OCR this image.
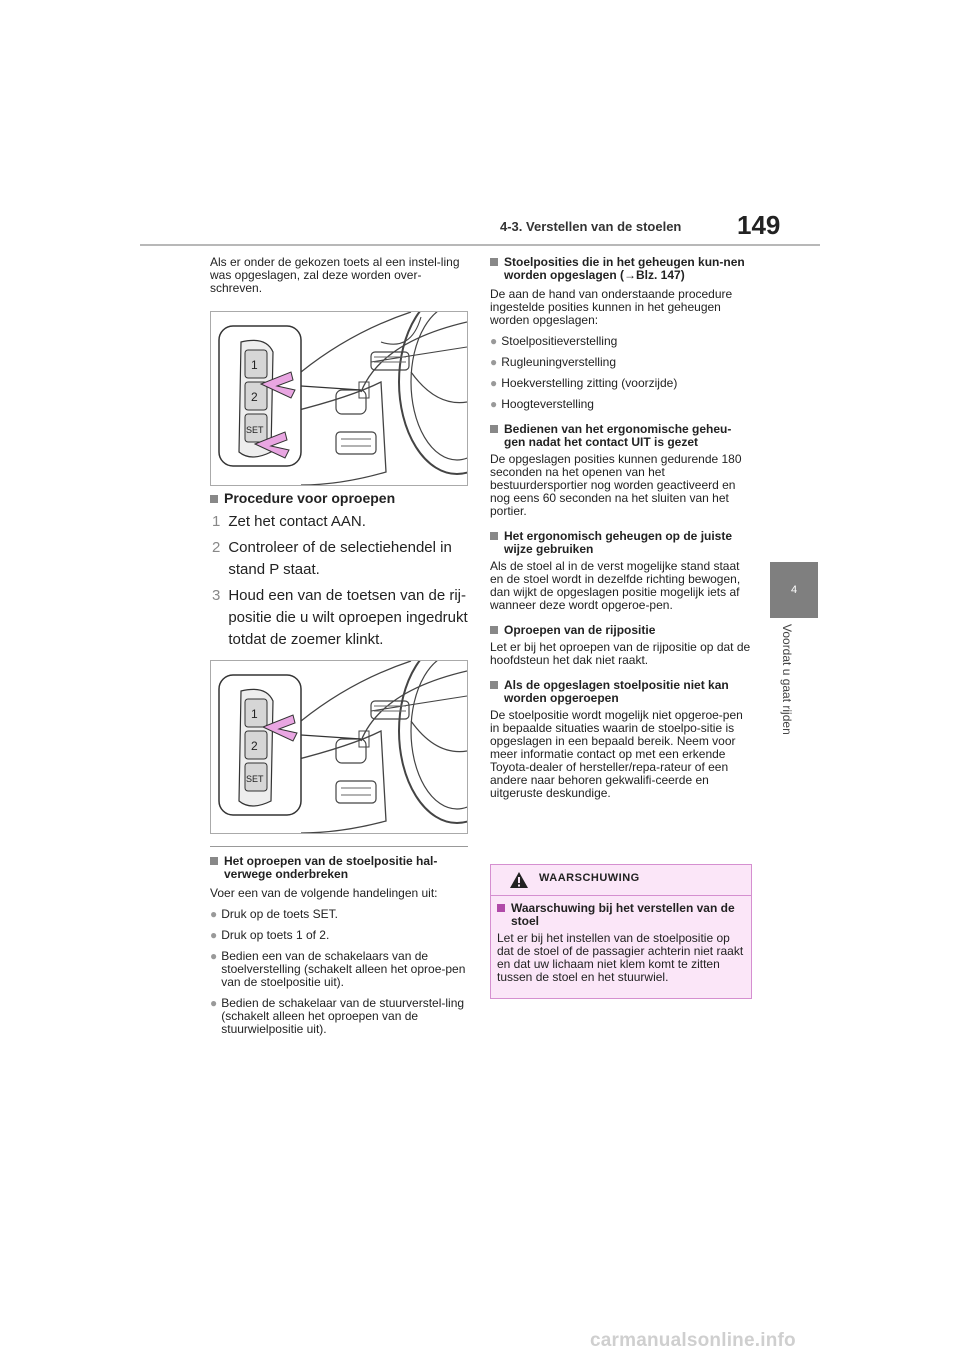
4-3. Verstellen van de stoelen 149
4
Voordat u gaat rijden

Als er onder de gekozen toets al een instel-ling was opgeslagen, zal deze worden over-schreven.

1
2
SET
Procedure voor oproepen
1 Zet het contact AAN.
2 Controleer of de selectiehendel in stand P staat.
3 Houd een van de toetsen van de rij-positie die u wilt oproepen ingedrukt totdat de zoemer klinkt.
1
2
SET

Het oproepen van de stoelpositie hal-verwege onderbreken

Voer een van de volgende handelingen uit:

● Druk op de toets SET.

● Druk op toets 1 of 2.

● Bedien een van de schakelaars van de stoelverstelling (schakelt alleen het oproe-pen van de stoelpositie uit).

● Bedien de schakelaar van de stuurverstel-ling (schakelt alleen het oproepen van de stuurwielpositie uit).

Stoelposities die in het geheugen kun-nen worden opgeslagen (→Blz. 147)

De aan de hand van onderstaande procedure ingestelde posities kunnen in het geheugen worden opgeslagen:

● Stoelpositieverstelling

● Rugleuningverstelling

● Hoekverstelling zitting (voorzijde)

● Hoogteverstelling

Bedienen van het ergonomische geheu-gen nadat het contact UIT is gezet

De opgeslagen posities kunnen gedurende 180 seconden na het openen van het bestuurdersportier nog worden geactiveerd en nog eens 60 seconden na het sluiten van het portier.

Het ergonomisch geheugen op de juiste wijze gebruiken

Als de stoel al in de verst mogelijke stand staat en de stoel wordt in dezelfde richting bewogen, dan wijkt de opgeslagen positie mogelijk iets af wanneer deze wordt opgeroe-pen.

Oproepen van de rijpositie

Let er bij het oproepen van de rijpositie op dat de hoofdsteun het dak niet raakt.

Als de opgeslagen stoelpositie niet kan worden opgeroepen

De stoelpositie wordt mogelijk niet opgeroe-pen in bepaalde situaties waarin de stoelpo-sitie is opgeslagen in een bepaald bereik. Neem voor meer informatie contact op met een erkende Toyota-dealer of hersteller/repa-rateur of een andere naar behoren gekwalifi-ceerde en uitgeruste deskundige.

WAARSCHUWING

Waarschuwing bij het verstellen van de stoel

Let er bij het instellen van de stoelpositie op dat de stoel of de passagier achterin niet raakt en dat uw lichaam niet klem komt te zitten tussen de stoel en het stuurwiel.

carmanualsonline.info
